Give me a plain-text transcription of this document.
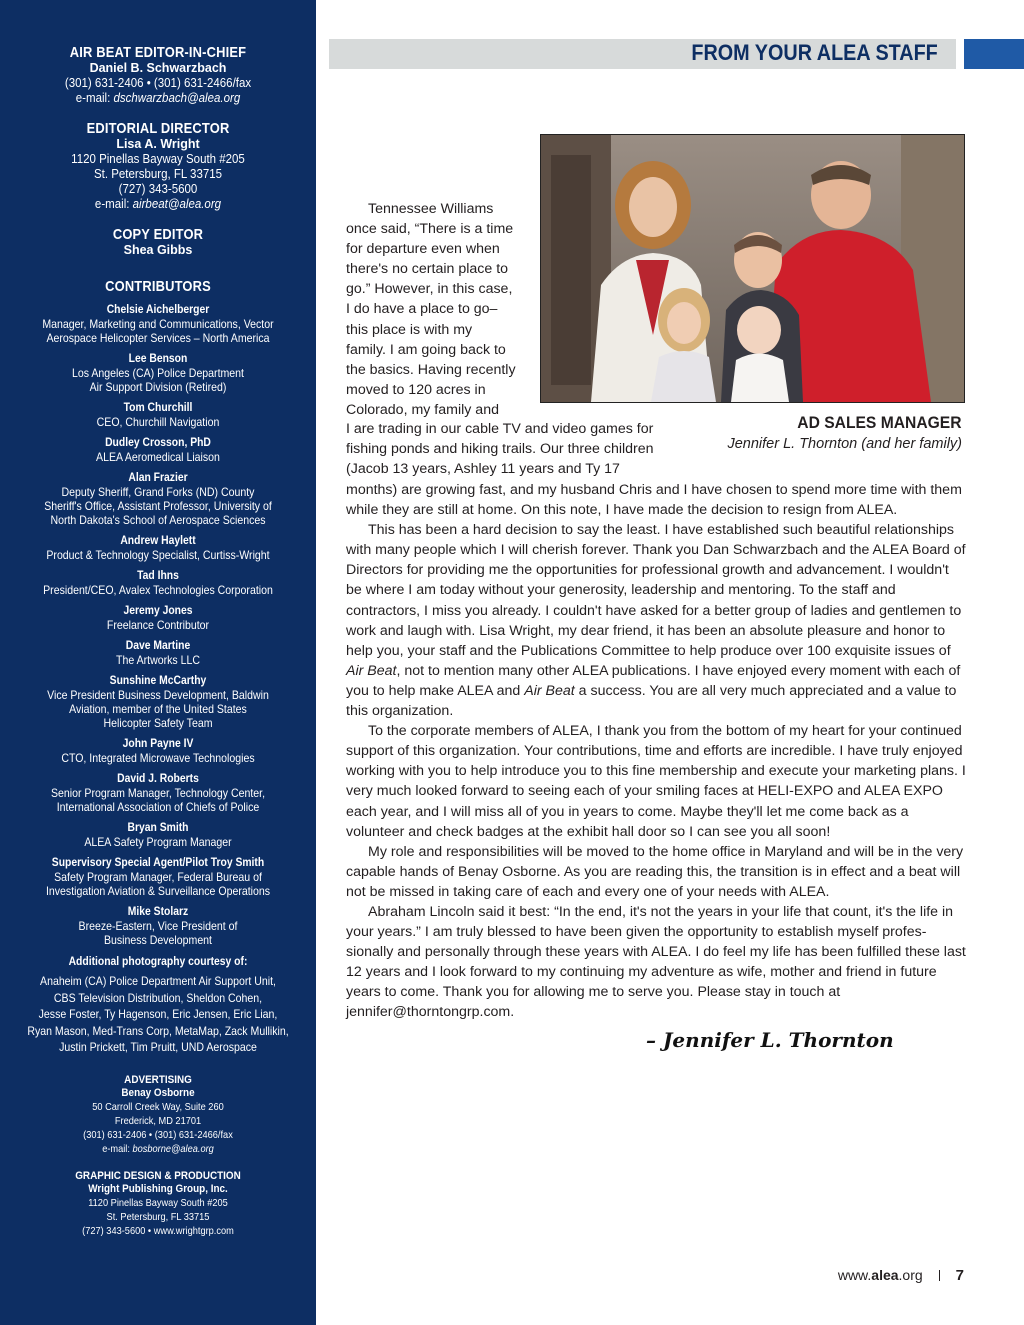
AIR BEAT EDITOR-IN-CHIEF
Daniel B. Schwarzbach
(301) 631-2406 • (301) 631-2466/fax
e-mail: dschwarzbach@alea.org
EDITORIAL DIRECTOR
Lisa A. Wright
1120 Pinellas Bayway South #205
St. Petersburg, FL 33715
(727) 343-5600
e-mail: airbeat@alea.org
COPY EDITOR
Shea Gibbs
CONTRIBUTORS
Chelsie Aichelberger
Manager, Marketing and Communications, Vector
Aerospace Helicopter Services – North America
Lee Benson
Los Angeles (CA) Police Department
Air Support Division (Retired)
Tom Churchill
CEO, Churchill Navigation
Dudley Crosson, PhD
ALEA Aeromedical Liaison
Alan Frazier
Deputy Sheriff, Grand Forks (ND) County
Sheriff's Office, Assistant Professor, University of
North Dakota's School of Aerospace Sciences
Andrew Haylett
Product & Technology Specialist, Curtiss-Wright
Tad Ihns
President/CEO, Avalex Technologies Corporation
Jeremy Jones
Freelance Contributor
Dave Martine
The Artworks LLC
Sunshine McCarthy
Vice President Business Development, Baldwin
Aviation, member of the United States
Helicopter Safety Team
John Payne IV
CTO, Integrated Microwave Technologies
David J. Roberts
Senior Program Manager, Technology Center,
International Association of Chiefs of Police
Bryan Smith
ALEA Safety Program Manager
Supervisory Special Agent/Pilot Troy Smith
Safety Program Manager, Federal Bureau of
Investigation Aviation & Surveillance Operations
Mike Stolarz
Breeze-Eastern, Vice President of
Business Development
Additional photography courtesy of:
Anaheim (CA) Police Department Air Support Unit,
CBS Television Distribution, Sheldon Cohen,
Jesse Foster, Ty Hagenson, Eric Jensen, Eric Lian,
Ryan Mason, Med-Trans Corp, MetaMap, Zack Mullikin,
Justin Prickett, Tim Pruitt, UND Aerospace
ADVERTISING
Benay Osborne
50 Carroll Creek Way, Suite 260
Frederick, MD 21701
(301) 631-2406 • (301) 631-2466/fax
e-mail: bosborne@alea.org
GRAPHIC DESIGN & PRODUCTION
Wright Publishing Group, Inc.
1120 Pinellas Bayway South #205
St. Petersburg, FL 33715
(727) 343-5600 • www.wrightgrp.com
FROM YOUR ALEA STAFF
AD SALES MANAGER
Jennifer L. Thornton (and her family)
Tennessee Williams
once said, “There is a time
for departure even when
there's no certain place to
go.” However, in this case,
I do have a place to go–
this place is with my
family. I am going back to
the basics. Having recently
moved to 120 acres in
Colorado, my family and
I are trading in our cable TV and video games for
fishing ponds and hiking trails. Our three children
(Jacob 13 years, Ashley 11 years and Ty 17

months) are growing fast, and my husband Chris and I have chosen to spend more time with them while they are still at home. On this note, I have made the decision to resign from ALEA.

This has been a hard decision to say the least. I have established such beautiful relationships with many people which I will cherish forever. Thank you Dan Schwarzbach and the ALEA Board of Directors for providing me the opportunities for professional growth and advancement. I wouldn't be where I am today without your generosity, leadership and mentoring. To the staff and contractors, I miss you already. I couldn't have asked for a better group of ladies and gentlemen to work and laugh with. Lisa Wright, my dear friend, it has been an absolute pleasure and honor to help you, your staff and the Publications Committee to help produce over 100 exquisite issues of Air Beat, not to mention many other ALEA publications. I have enjoyed every moment with each of you to help make ALEA and Air Beat a success. You are all very much appreciated and a value to this organization.

To the corporate members of ALEA, I thank you from the bottom of my heart for your continued support of this organization. Your contributions, time and efforts are incredible. I have truly enjoyed working with you to help introduce you to this fine membership and execute your marketing plans. I very much looked forward to seeing each of your smiling faces at HELI-EXPO and ALEA EXPO each year, and I will miss all of you in years to come. Maybe they'll let me come back as a volunteer and check badges at the exhibit hall door so I can see you all soon!

My role and responsibilities will be moved to the home office in Maryland and will be in the very capable hands of Benay Osborne. As you are reading this, the transition is in effect and a beat will not be missed in taking care of each and every one of your needs with ALEA.

Abraham Lincoln said it best: “In the end, it's not the years in your life that count, it's the life in your years.” I am truly blessed to have been given the opportunity to establish myself professionally and personally through these years with ALEA. I do feel my life has been fulfilled these last 12 years and I look forward to my continuing my adventure as wife, mother and friend in future years to come. Thank you for allowing me to serve you. Please stay in touch at jennifer@thorntongrp.com.

– Jennifer L. Thornton
www.alea.org 7
